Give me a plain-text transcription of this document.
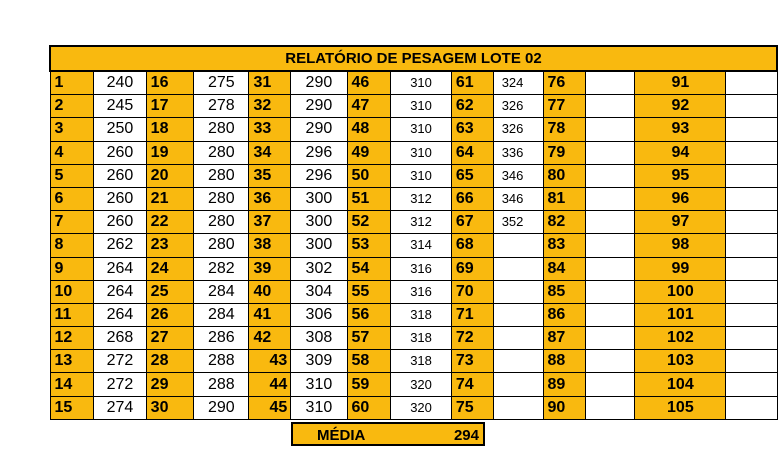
RELATÓRIO DE PESAGEM LOTE 02													
1	240	16	275	31	290	46	310	61	324	76		91	
2	245	17	278	32	290	47	310	62	326	77		92	
3	250	18	280	33	290	48	310	63	326	78		93	
4	260	19	280	34	296	49	310	64	336	79		94	
5	260	20	280	35	296	50	310	65	346	80		95	
6	260	21	280	36	300	51	312	66	346	81		96	
7	260	22	280	37	300	52	312	67	352	82		97	
8	262	23	280	38	300	53	314	68		83		98	
9	264	24	282	39	302	54	316	69		84		99	
10	264	25	284	40	304	55	316	70		85		100	
11	264	26	284	41	306	56	318	71		86		101	
12	268	27	286	42	308	57	318	72		87		102	
13	272	28	288	43	309	58	318	73		88		103	
14	272	29	288	44	310	59	320	74		89		104	
15	274	30	290	45	310	60	320	75		90		105	
MÉDIA	294
